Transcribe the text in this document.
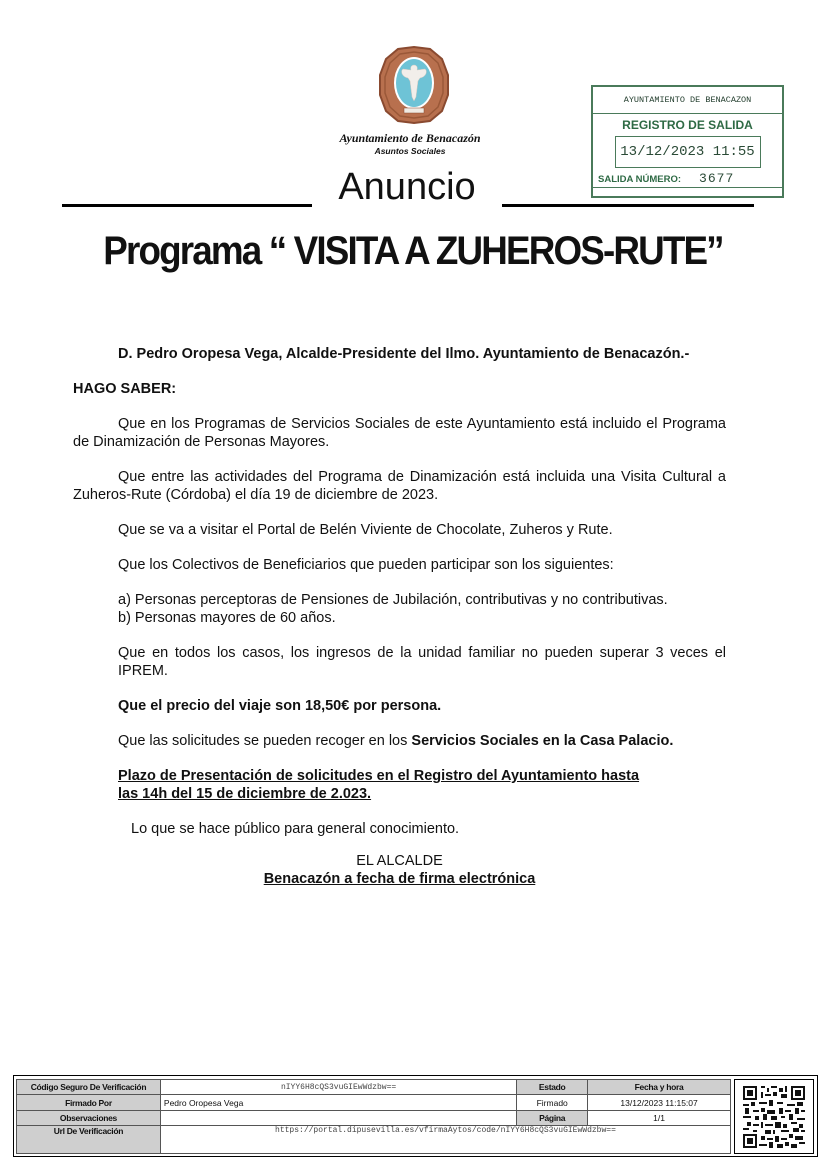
Ayuntamiento de Benacazón
Asuntos Sociales
AYUNTAMIENTO DE BENACAZON
REGISTRO DE SALIDA
13/12/2023 11:55
SALIDA NÚMERO: 3677
Anuncio
Programa “ VISITA A ZUHEROS-RUTE”

D. Pedro Oropesa Vega, Alcalde-Presidente del Ilmo. Ayuntamiento de Benacazón.-

HAGO SABER:

Que en los Programas de Servicios Sociales de este Ayuntamiento está incluido el Programa de Dinamización de Personas Mayores.

Que entre las actividades del Programa de Dinamización está incluida una Visita Cultural a Zuheros-Rute (Córdoba) el día 19 de diciembre de 2023.

Que se va a visitar el Portal de Belén Viviente de Chocolate, Zuheros y Rute.

Que los Colectivos de Beneficiarios que pueden participar son los siguientes:

a) Personas perceptoras de Pensiones de Jubilación, contributivas y no contributivas.
b) Personas mayores de 60 años.

Que en todos los casos, los ingresos de la unidad familiar no pueden superar 3 veces el IPREM.

Que el precio del viaje son 18,50€ por persona.

Que las solicitudes se pueden recoger en los Servicios Sociales en la Casa Palacio.

Plazo de Presentación de solicitudes en el Registro del Ayuntamiento hasta
las 14h del 15 de diciembre de 2.023.

Lo que se hace público para general conocimiento.

EL ALCALDE
Benacazón a fecha de firma electrónica
Código Seguro De Verificación	nIYY6H8cQS3vuGIEwWdzbw==	Estado	Fecha y hora
Firmado Por	Pedro Oropesa Vega	Firmado	13/12/2023 11:15:07
Observaciones		Página	1/1
Url De Verificación	https://portal.dipusevilla.es/vfirmaAytos/code/nIYY6H8cQS3vuGIEwWdzbw==		
